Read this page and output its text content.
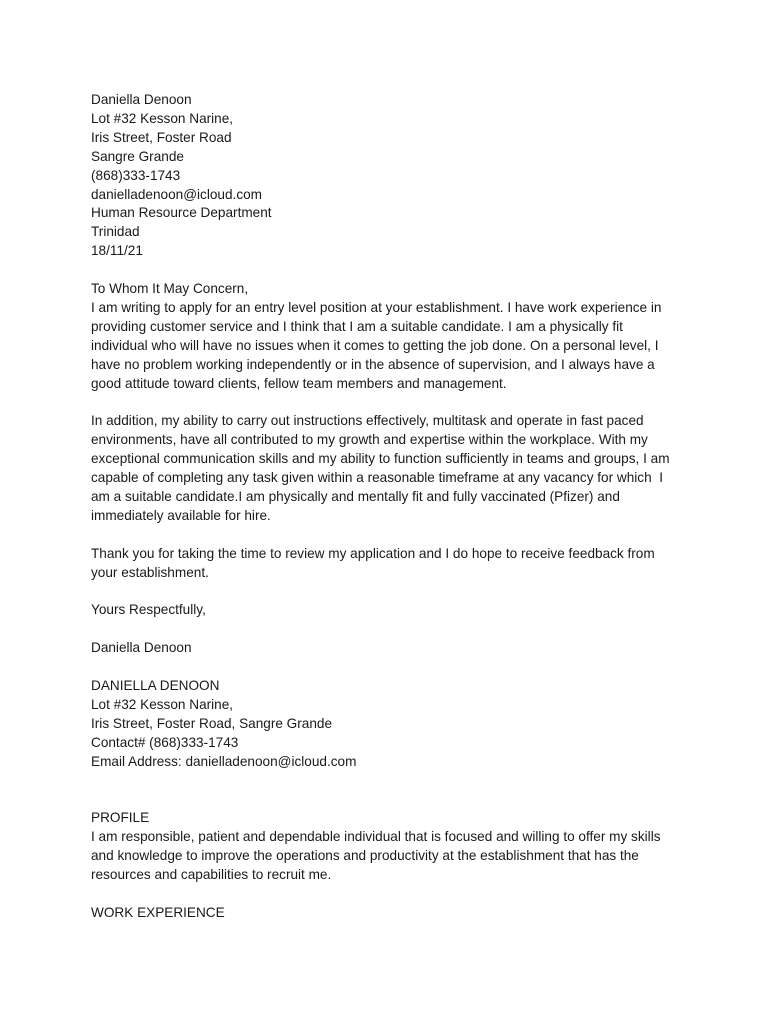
Daniella Denoon
Lot #32 Kesson Narine,
Iris Street, Foster Road
Sangre Grande
(868)333-1743
danielladenoon@icloud.com
Human Resource Department
Trinidad
18/11/21
To Whom It May Concern,
I am writing to apply for an entry level position at your establishment. I have work experience in
providing customer service and I think that I am a suitable candidate. I am a physically fit
individual who will have no issues when it comes to getting the job done. On a personal level, I
have no problem working independently or in the absence of supervision, and I always have a
good attitude toward clients, fellow team members and management.
In addition, my ability to carry out instructions effectively, multitask and operate in fast paced
environments, have all contributed to my growth and expertise within the workplace. With my
exceptional communication skills and my ability to function sufficiently in teams and groups, I am
capable of completing any task given within a reasonable timeframe at any vacancy for which  I
am a suitable candidate.I am physically and mentally fit and fully vaccinated (Pfizer) and
immediately available for hire.
Thank you for taking the time to review my application and I do hope to receive feedback from
your establishment.
Yours Respectfully,
Daniella Denoon
DANIELLA DENOON
Lot #32 Kesson Narine,
Iris Street, Foster Road, Sangre Grande
Contact# (868)333-1743
Email Address: danielladenoon@icloud.com
PROFILE
I am responsible, patient and dependable individual that is focused and willing to offer my skills
and knowledge to improve the operations and productivity at the establishment that has the
resources and capabilities to recruit me.
WORK EXPERIENCE
